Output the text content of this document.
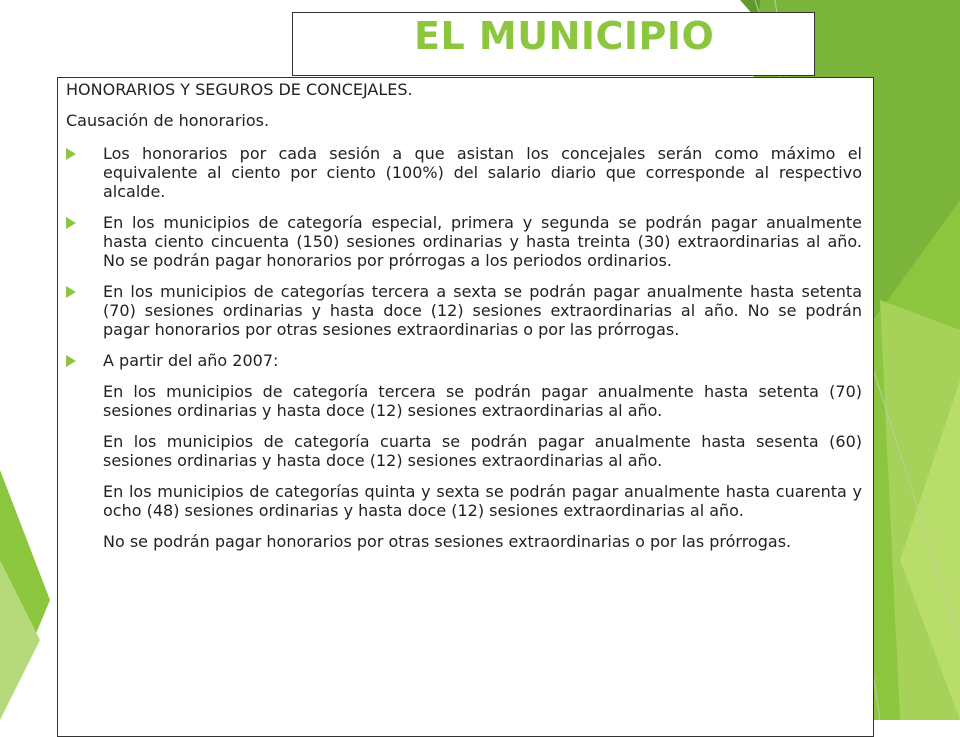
EL MUNICIPIO

HONORARIOS Y SEGUROS DE CONCEJALES.

Causación de honorarios.

Los honorarios por cada sesión a que asistan los concejales serán como máximo el equivalente al ciento por ciento (100%) del salario diario que corresponde al respectivo alcalde.

En los municipios de categoría especial, primera y segunda se podrán pagar anualmente hasta ciento cincuenta (150) sesiones ordinarias y hasta treinta (30) extraordinarias al año. No se podrán pagar honorarios por prórrogas a los periodos ordinarios.

En los municipios de categorías tercera a sexta se podrán pagar anualmente hasta setenta (70) sesiones ordinarias y hasta doce (12) sesiones extraordinarias al año. No se podrán pagar honorarios por otras sesiones extraordinarias o por las prórrogas.

A partir del año 2007:

En los municipios de categoría tercera se podrán pagar anualmente hasta setenta (70) sesiones ordinarias y hasta doce (12) sesiones extraordinarias al año.

En los municipios de categoría cuarta se podrán pagar anualmente hasta sesenta (60) sesiones ordinarias y hasta doce (12) sesiones extraordinarias al año.

En los municipios de categorías quinta y sexta se podrán pagar anualmente hasta cuarenta y ocho (48) sesiones ordinarias y hasta doce (12) sesiones extraordinarias al año.

No se podrán pagar honorarios por otras sesiones extraordinarias o por las prórrogas.
